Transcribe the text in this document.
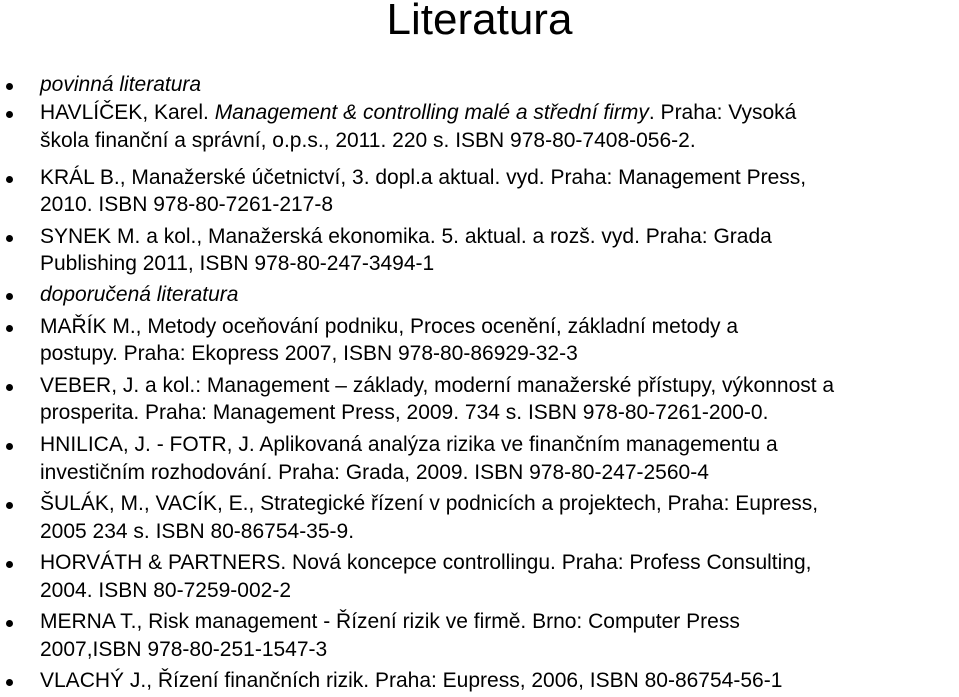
Literatura
povinná literatura
HAVLÍČEK, Karel. Management & controlling malé a střední firmy. Praha: Vysoká
škola finanční a správní, o.p.s., 2011. 220 s. ISBN 978-80-7408-056-2.
KRÁL B., Manažerské účetnictví, 3. dopl.a aktual. vyd. Praha: Management Press,
2010. ISBN 978-80-7261-217-8
SYNEK M. a kol., Manažerská ekonomika. 5. aktual. a rozš. vyd. Praha: Grada
Publishing 2011, ISBN 978-80-247-3494-1
doporučená literatura
MAŘÍK M., Metody oceňování podniku, Proces ocenění, základní metody a
postupy. Praha: Ekopress 2007, ISBN 978-80-86929-32-3
VEBER, J. a kol.: Management – základy, moderní manažerské přístupy, výkonnost a
prosperita. Praha: Management Press, 2009. 734 s. ISBN 978-80-7261-200-0.
HNILICA, J. - FOTR, J. Aplikovaná analýza rizika ve finančním managementu a
investičním rozhodování. Praha: Grada, 2009. ISBN 978-80-247-2560-4
ŠULÁK, M., VACÍK, E., Strategické řízení v podnicích a projektech, Praha: Eupress,
2005 234 s. ISBN 80-86754-35-9.
HORVÁTH & PARTNERS. Nová koncepce controllingu. Praha: Profess Consulting,
2004. ISBN 80-7259-002-2
MERNA T., Risk management - Řízení rizik ve firmě. Brno: Computer Press
2007,ISBN 978-80-251-1547-3
VLACHÝ J., Řízení finančních rizik. Praha: Eupress, 2006, ISBN 80-86754-56-1
